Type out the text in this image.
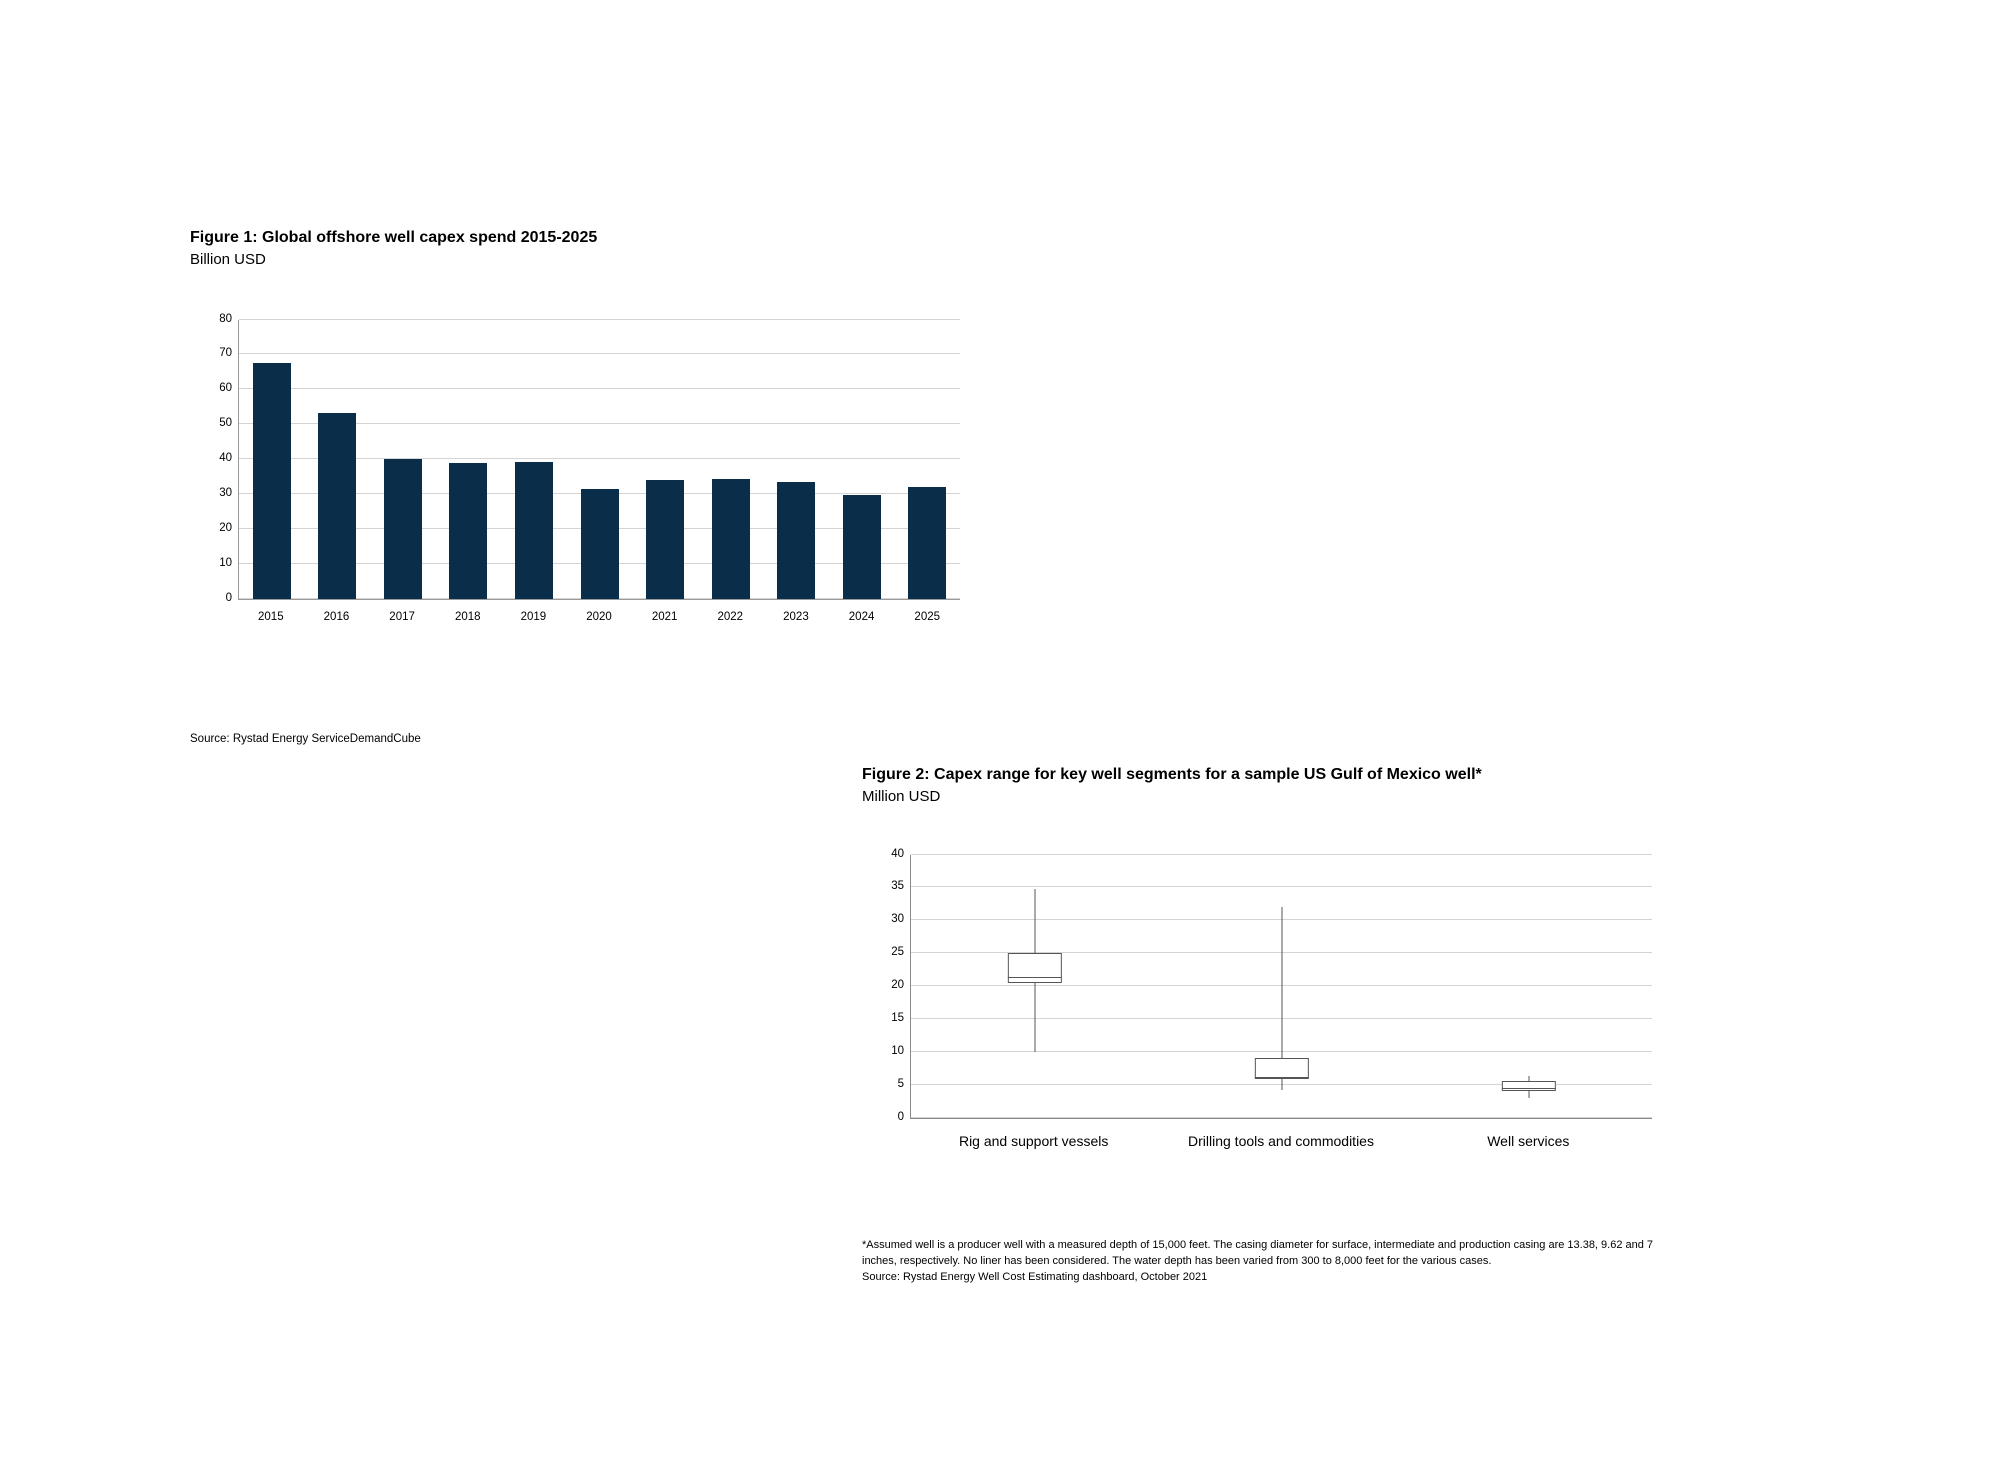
Figure 1: Global offshore well capex spend 2015-2025
Billion USD
0
10
20
30
40
50
60
70
80
2015	2016	2017	2018	2019	2020	2021	2022	2023	2024	2025
Source: Rystad Energy ServiceDemandCube
Figure 2: Capex range for key well segments for a sample US Gulf of Mexico well*
Million USD
0
5
10
15
20
25
30
35
40
Rig and support vessels	Drilling tools and commodities	Well services
*Assumed well is a producer well with a measured depth of 15,000 feet. The casing diameter for surface, intermediate and production casing are 13.38, 9.62 and 7 inches, respectively. No liner has been considered. The water depth has been varied from 300 to 8,000 feet for the various cases.
Source: Rystad Energy Well Cost Estimating dashboard, October 2021
